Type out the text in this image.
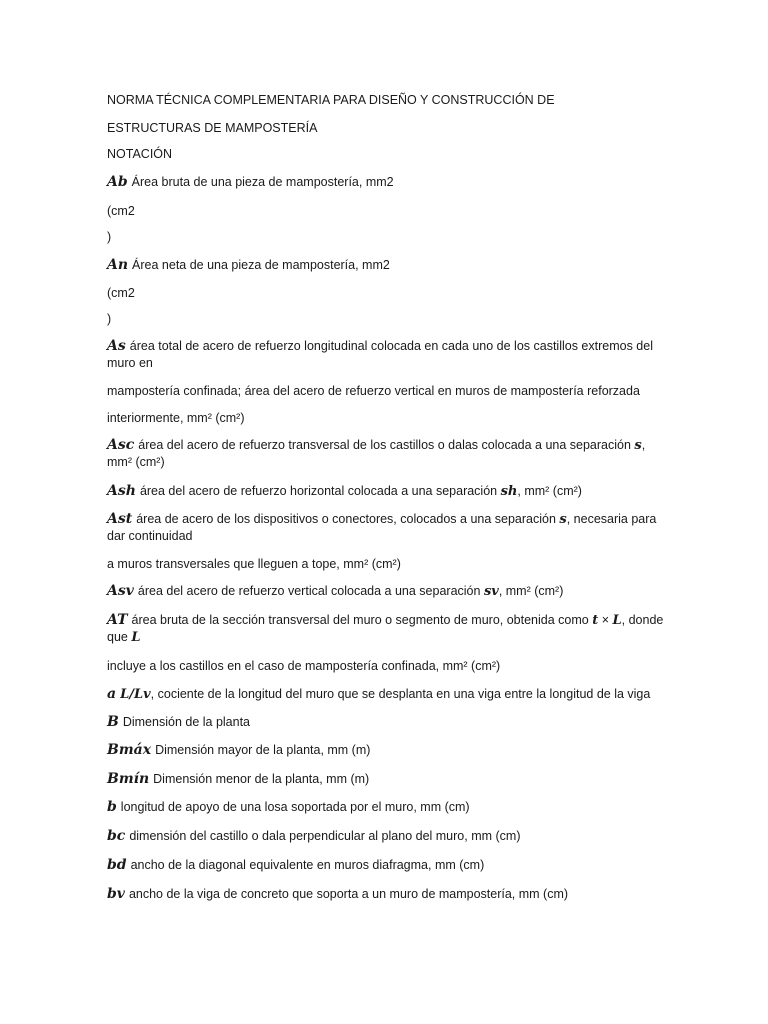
NORMA TÉCNICA COMPLEMENTARIA PARA DISEÑO Y CONSTRUCCIÓN DE
ESTRUCTURAS DE MAMPOSTERÍA
NOTACIÓN
Ab Área bruta de una pieza de mampostería, mm2
(cm2
)
An Área neta de una pieza de mampostería, mm2
(cm2
)
As área total de acero de refuerzo longitudinal colocada en cada uno de los castillos extremos del muro en
mampostería confinada; área del acero de refuerzo vertical en muros de mampostería reforzada
interiormente, mm² (cm²)
Asc área del acero de refuerzo transversal de los castillos o dalas colocada a una separación s, mm² (cm²)
Ash área del acero de refuerzo horizontal colocada a una separación sh, mm² (cm²)
Ast área de acero de los dispositivos o conectores, colocados a una separación s, necesaria para dar continuidad
a muros transversales que lleguen a tope, mm² (cm²)
Asv área del acero de refuerzo vertical colocada a una separación sv, mm² (cm²)
AT área bruta de la sección transversal del muro o segmento de muro, obtenida como t × L, donde que L
incluye a los castillos en el caso de mampostería confinada, mm² (cm²)
a L/Lv, cociente de la longitud del muro que se desplanta en una viga entre la longitud de la viga
B Dimensión de la planta
Bmáx Dimensión mayor de la planta, mm (m)
Bmín Dimensión menor de la planta, mm (m)
b longitud de apoyo de una losa soportada por el muro, mm (cm)
bc dimensión del castillo o dala perpendicular al plano del muro, mm (cm)
bd ancho de la diagonal equivalente en muros diafragma, mm (cm)
bv ancho de la viga de concreto que soporta a un muro de mampostería, mm (cm)
